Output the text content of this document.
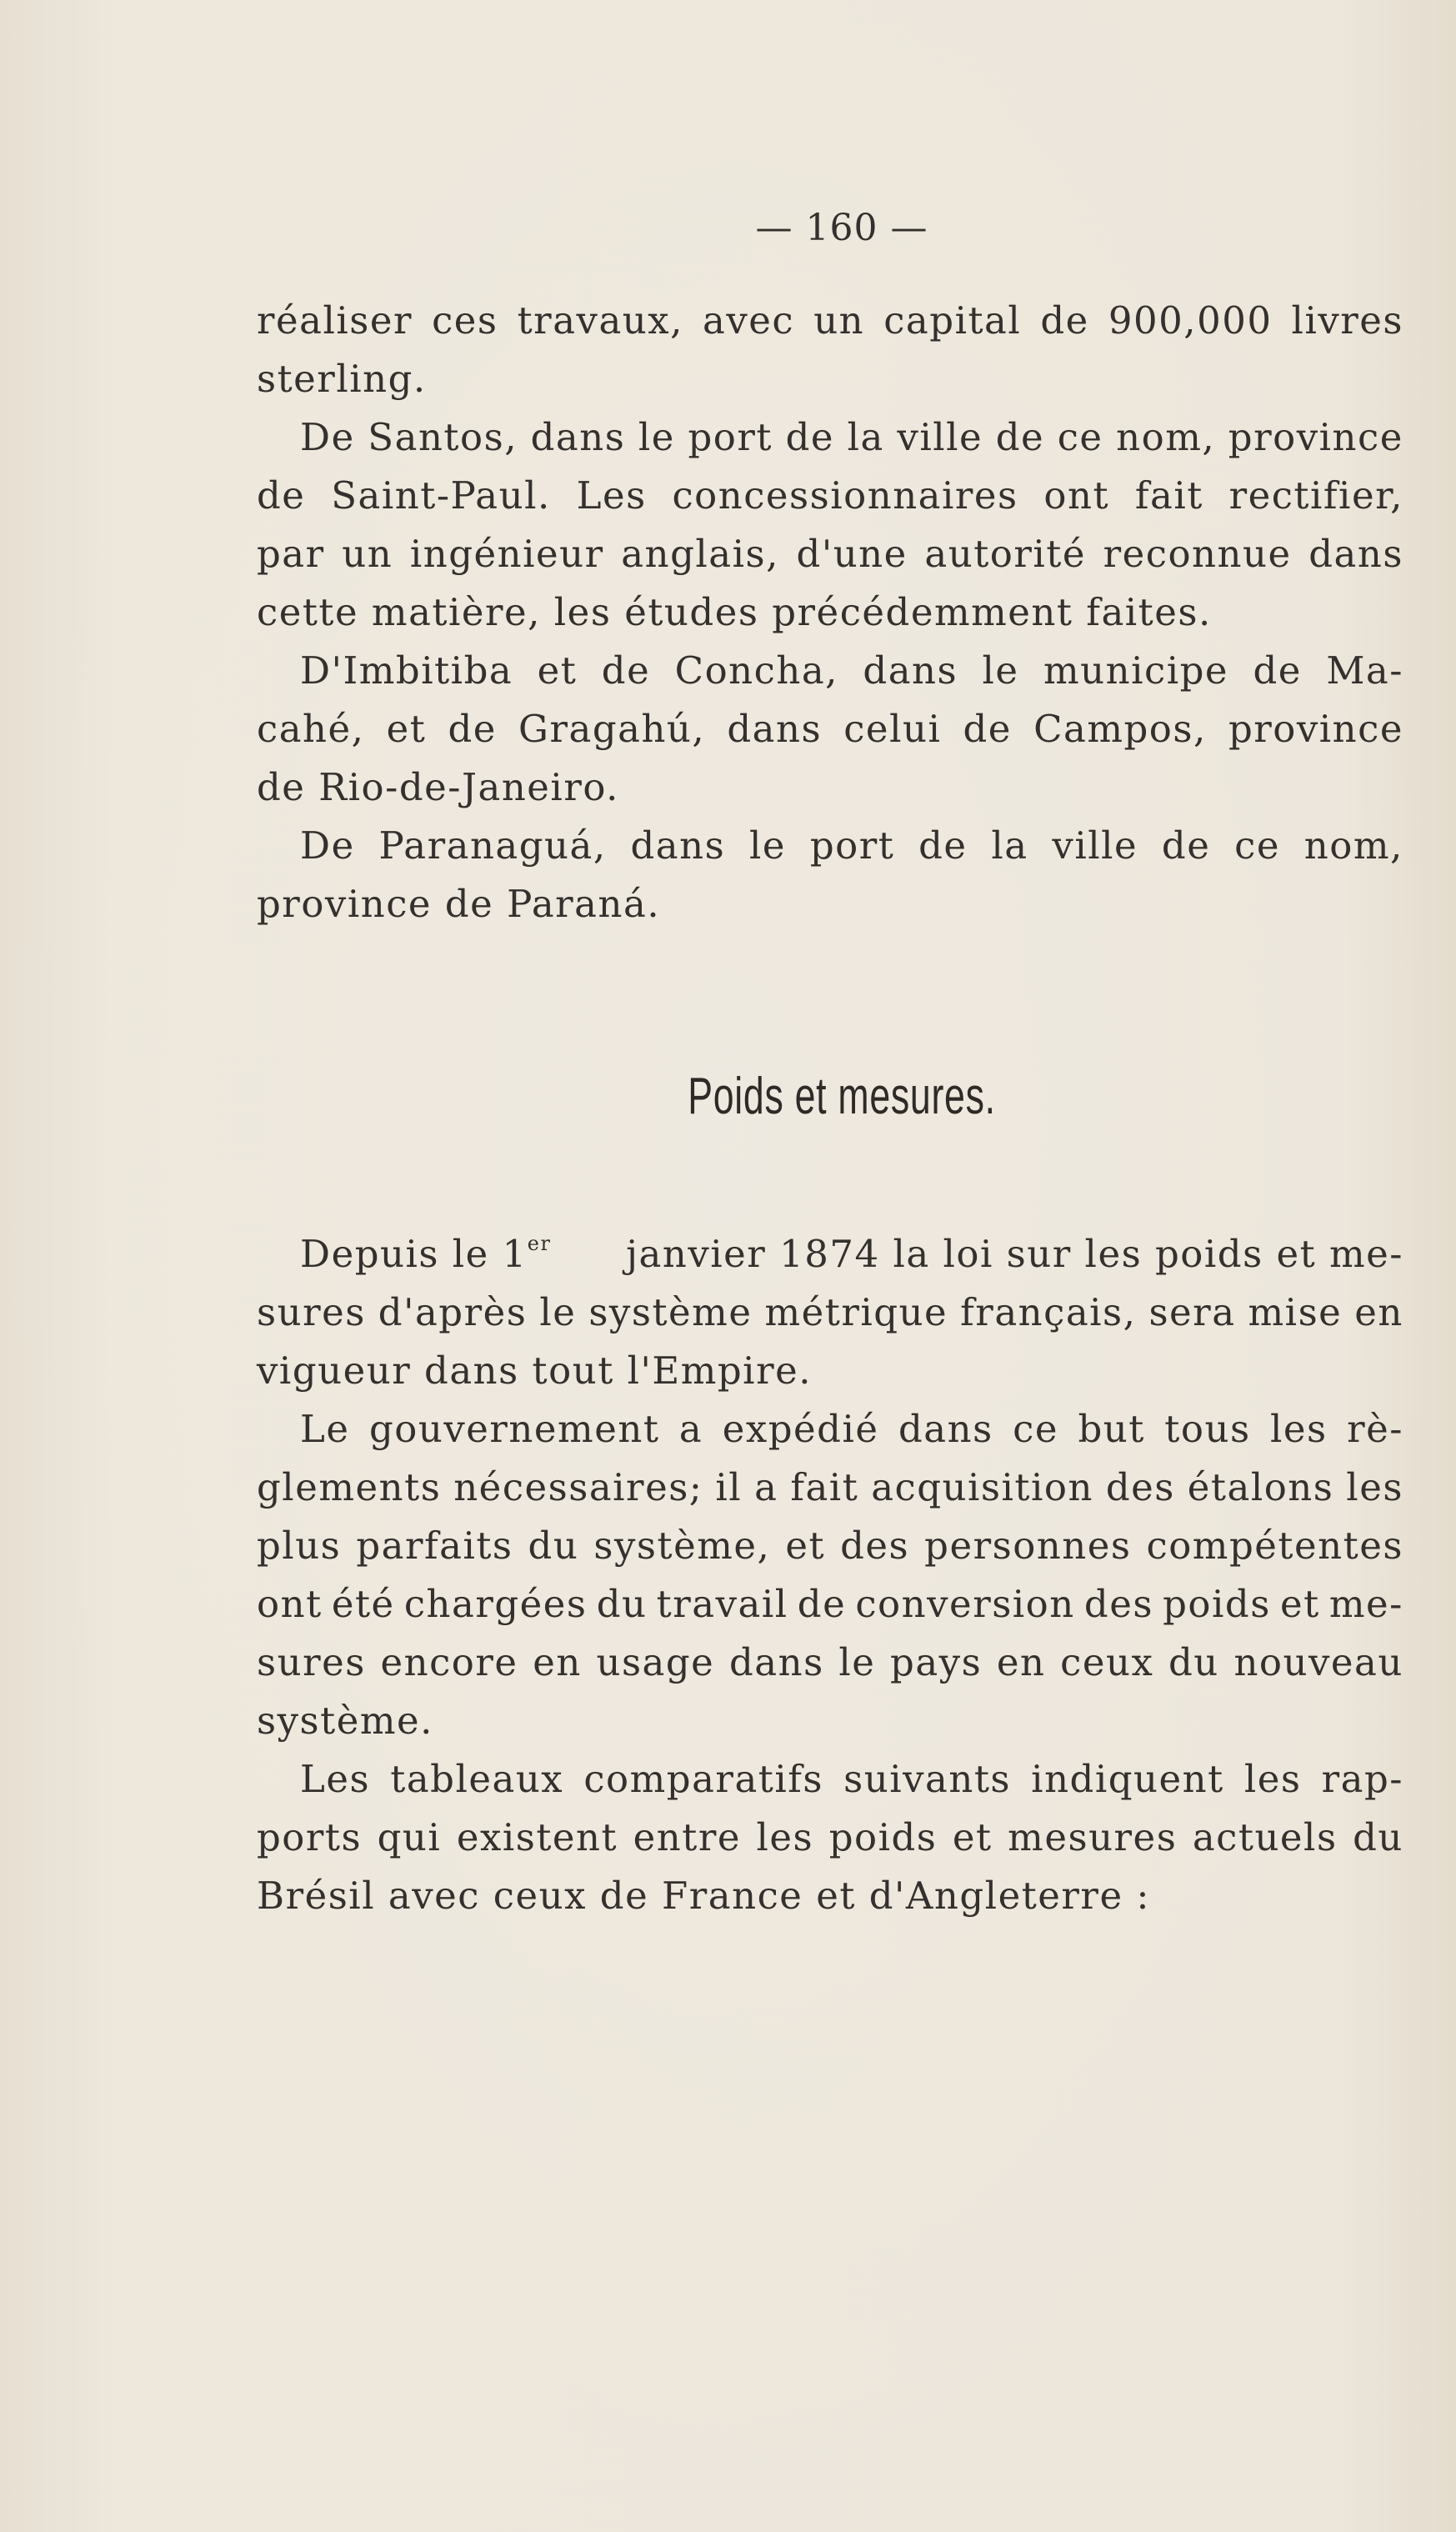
— 160 —
réaliser ces travaux, avec un capital de 900,000 livres
sterling.
De Santos, dans le port de la ville de ce nom, province
de Saint-Paul. Les concessionnaires ont fait rectifier,
par un ingénieur anglais, d'une autorité reconnue dans
cette matière, les études précédemment faites.
D'Imbitiba et de Concha, dans le municipe de Ma-
cahé, et de Gragahú, dans celui de Campos, province
de Rio-de-Janeiro.
De Paranaguá, dans le port de la ville de ce nom,
province de Paraná.
Poids et mesures.
Depuis le 1er janvier 1874 la loi sur les poids et me-
sures d'après le système métrique français, sera mise en
vigueur dans tout l'Empire.
Le gouvernement a expédié dans ce but tous les rè-
glements nécessaires; il a fait acquisition des étalons les
plus parfaits du système, et des personnes compétentes
ont été chargées du travail de conversion des poids et me-
sures encore en usage dans le pays en ceux du nouveau
système.
Les tableaux comparatifs suivants indiquent les rap-
ports qui existent entre les poids et mesures actuels du
Brésil avec ceux de France et d'Angleterre :
